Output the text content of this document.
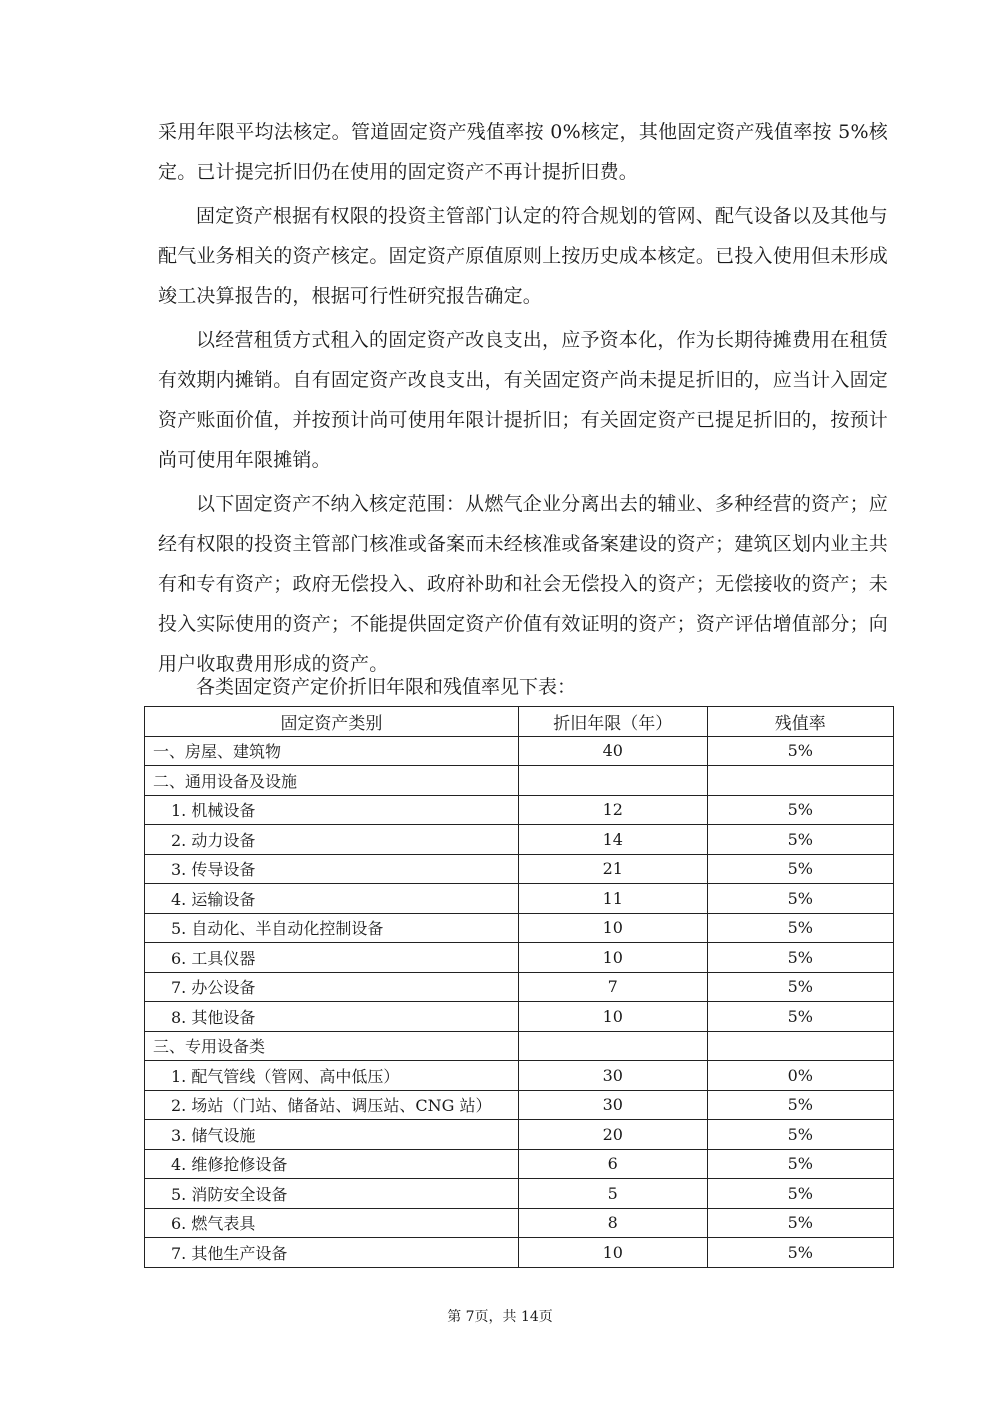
采用年限平均法核定。管道固定资产残值率按 0%核定，其他固定资产残值率按 5%核定。已计提完折旧仍在使用的固定资产不再计提折旧费。

固定资产根据有权限的投资主管部门认定的符合规划的管网、配气设备以及其他与配气业务相关的资产核定。固定资产原值原则上按历史成本核定。已投入使用但未形成竣工决算报告的，根据可行性研究报告确定。

以经营租赁方式租入的固定资产改良支出，应予资本化，作为长期待摊费用在租赁有效期内摊销。自有固定资产改良支出，有关固定资产尚未提足折旧的，应当计入固定资产账面价值，并按预计尚可使用年限计提折旧；有关固定资产已提足折旧的，按预计尚可使用年限摊销。

以下固定资产不纳入核定范围：从燃气企业分离出去的辅业、多种经营的资产；应经有权限的投资主管部门核准或备案而未经核准或备案建设的资产；建筑区划内业主共有和专有资产；政府无偿投入、政府补助和社会无偿投入的资产；无偿接收的资产；未投入实际使用的资产；不能提供固定资产价值有效证明的资产；资产评估增值部分；向用户收取费用形成的资产。

各类固定资产定价折旧年限和残值率见下表：
固定资产类别	折旧年限（年）	残值率
一、房屋、建筑物	40	5%
二、通用设备及设施		
1. 机械设备	12	5%
2. 动力设备	14	5%
3. 传导设备	21	5%
4. 运输设备	11	5%
5. 自动化、半自动化控制设备	10	5%
6. 工具仪器	10	5%
7. 办公设备	7	5%
8. 其他设备	10	5%
三、专用设备类		
1. 配气管线（管网、高中低压）	30	0%
2. 场站（门站、储备站、调压站、CNG 站）	30	5%
3. 储气设施	20	5%
4. 维修抢修设备	6	5%
5. 消防安全设备	5	5%
6. 燃气表具	8	5%
7. 其他生产设备	10	5%
第 7页，共 14页
